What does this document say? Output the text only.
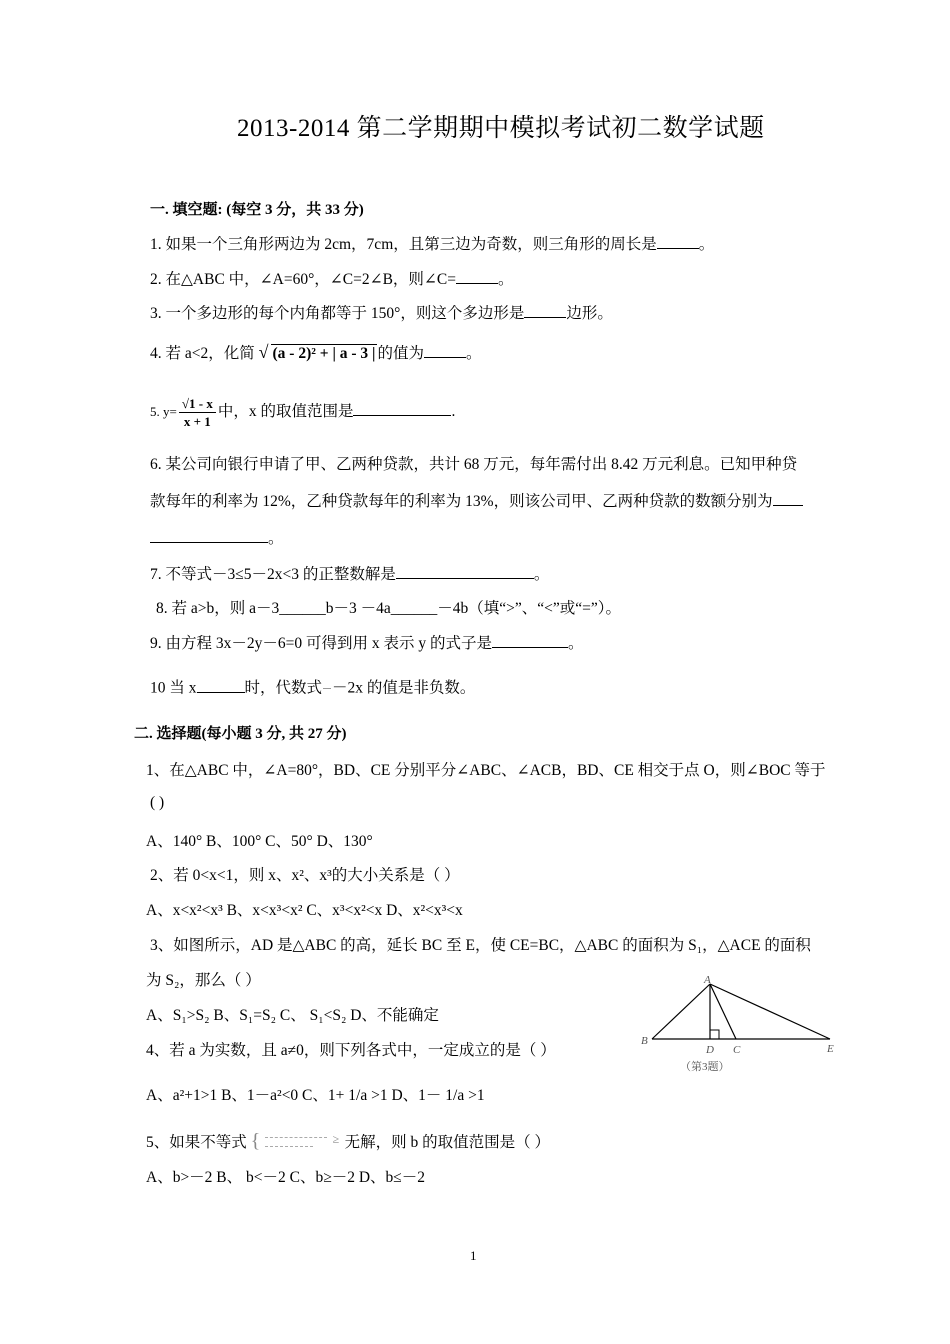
2013-2014 第二学期期中模拟考试初二数学试题
一. 填空题: (每空 3 分，共 33 分)
1. 如果一个三角形两边为 2cm，7cm，且第三边为奇数，则三角形的周长是	。
2. 在△ABC 中，∠A=60°，∠C=2∠B，则∠C=	。
3. 一个多边形的每个内角都等于 150°，则这个多边形是	边形。
4. 若 a<2，化简 √ (a - 2)² + | a - 3 | 的值为	。
5. $y= \frac{√1 - x}{x + 1}$ 中，x 的取值范围是	.
6. 某公司向银行申请了甲、乙两种贷款，共计 68 万元，每年需付出 8.42 万元利息。已知甲种贷
款每年的利率为 12%，乙种贷款每年的利率为 13%，则该公司甲、乙两种贷款的数额分别为
。
7. 不等式－3≤5－2x<3 的正整数解是	。
8. 若 a>b，则 a－3______b－3 －4a______－4b（填“>”、“<”或“=”）。
9. 由方程 3x－2y－6=0 可得到用 x 表示 y 的式子是	。
10 当 x	时，代数式 －2x 的值是非负数。
二. 选择题(每小题 3 分, 共 27 分)
1、在△ABC 中，∠A=80°，BD、CE 分别平分∠ABC、∠ACB，BD、CE 相交于点 O，则∠BOC 等于
( )
A、140° B、100° C、50° D、130°
2、若 0<x<1，则 x、x²、x³的大小关系是（ ）
A、x<x²<x³ B、x<x³<x² C、x³<x²<x D、x²<x³<x
3、如图所示，AD 是△ABC 的高，延长 BC 至 E，使 CE=BC，△ABC 的面积为 S₁，△ACE 的面积
为 S₂，那么（ ）
A、S₁>S₂ B、S₁=S₂ C、 S₁<S₂ D、不能确定
4、若 a 为实数，且 a≠0，则下列各式中，一定成立的是（ ）
A、a²+1>1 B、1－a²<0 C、1+ 1/a >1 D、1－ 1/a >1
5、如果不等式 {	≥ 无解，则 b 的取值范围是（ ）
A、b>－2 B、 b<－2 C、b≥－2 D、b≤－2
A
B
D C	E
（第3题）
1
